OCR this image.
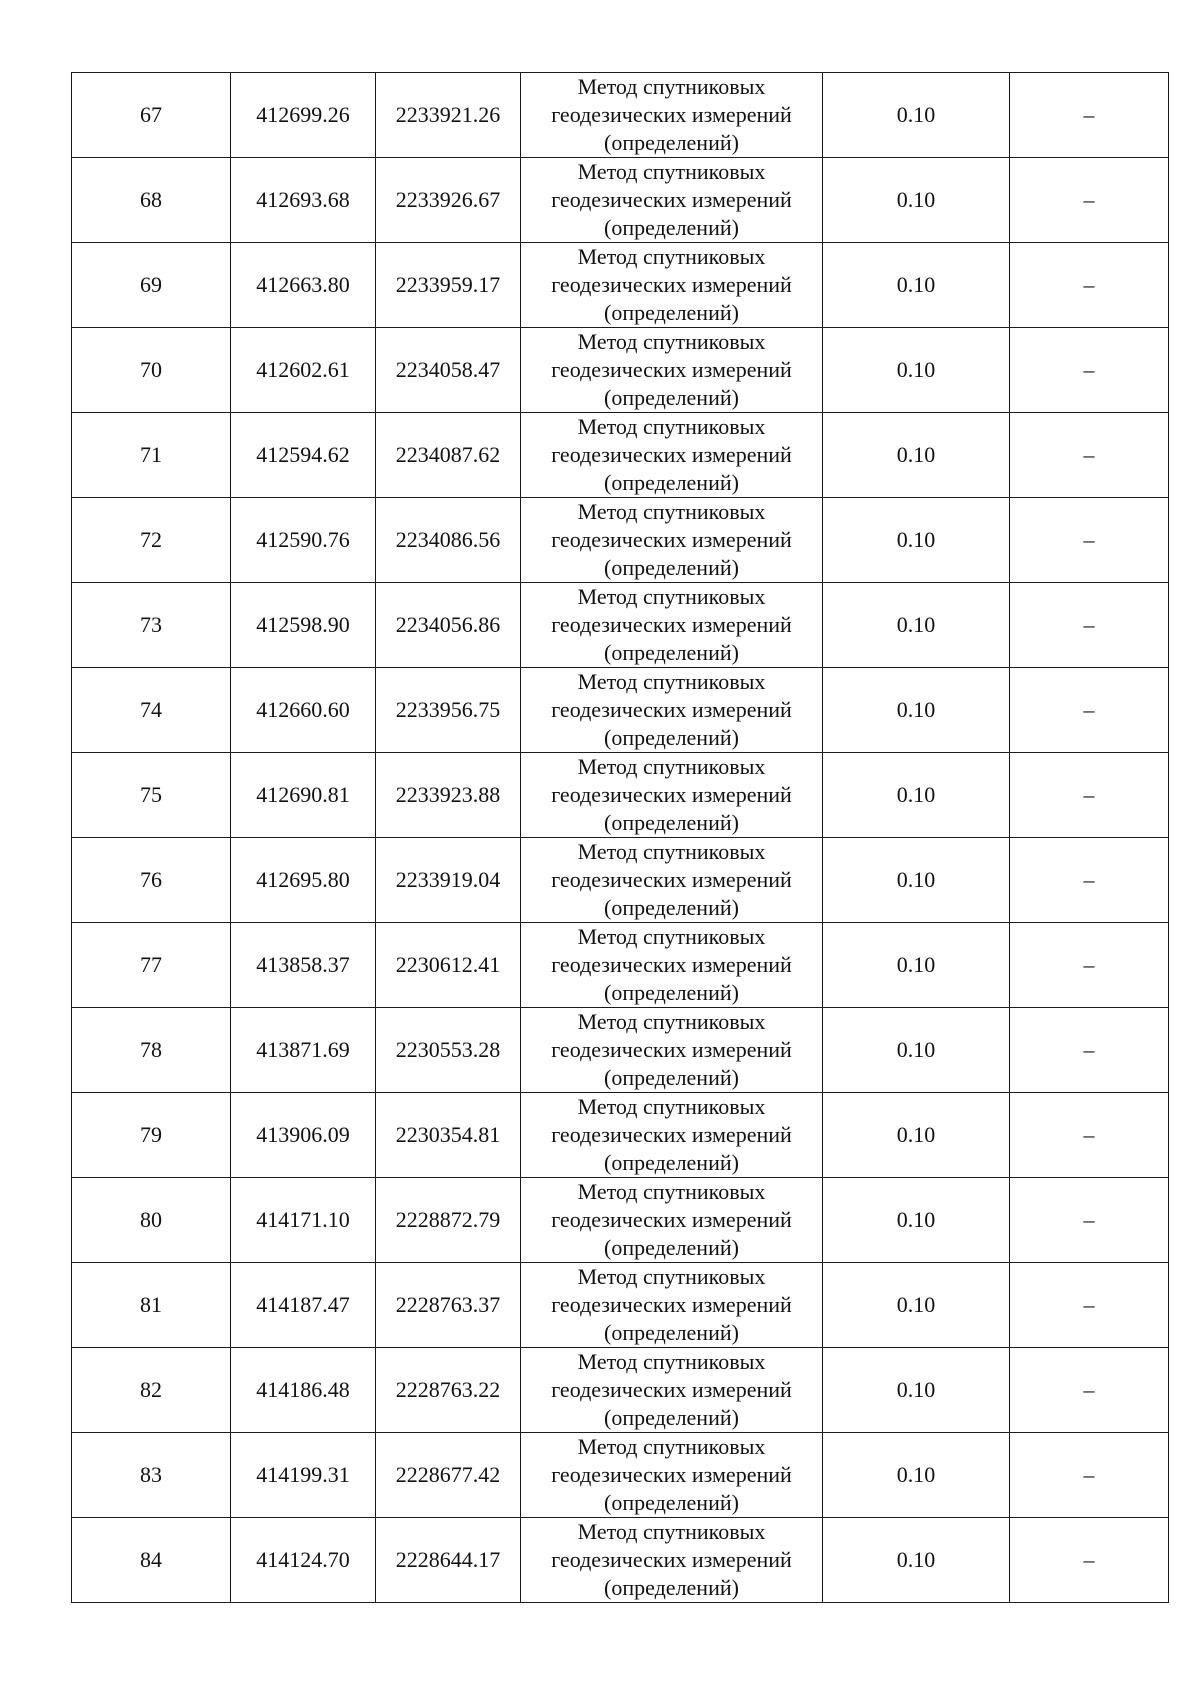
67	412699.26	2233921.26	Метод спутниковых
геодезических измерений
(определений)	0.10	–
68	412693.68	2233926.67	Метод спутниковых
геодезических измерений
(определений)	0.10	–
69	412663.80	2233959.17	Метод спутниковых
геодезических измерений
(определений)	0.10	–
70	412602.61	2234058.47	Метод спутниковых
геодезических измерений
(определений)	0.10	–
71	412594.62	2234087.62	Метод спутниковых
геодезических измерений
(определений)	0.10	–
72	412590.76	2234086.56	Метод спутниковых
геодезических измерений
(определений)	0.10	–
73	412598.90	2234056.86	Метод спутниковых
геодезических измерений
(определений)	0.10	–
74	412660.60	2233956.75	Метод спутниковых
геодезических измерений
(определений)	0.10	–
75	412690.81	2233923.88	Метод спутниковых
геодезических измерений
(определений)	0.10	–
76	412695.80	2233919.04	Метод спутниковых
геодезических измерений
(определений)	0.10	–
77	413858.37	2230612.41	Метод спутниковых
геодезических измерений
(определений)	0.10	–
78	413871.69	2230553.28	Метод спутниковых
геодезических измерений
(определений)	0.10	–
79	413906.09	2230354.81	Метод спутниковых
геодезических измерений
(определений)	0.10	–
80	414171.10	2228872.79	Метод спутниковых
геодезических измерений
(определений)	0.10	–
81	414187.47	2228763.37	Метод спутниковых
геодезических измерений
(определений)	0.10	–
82	414186.48	2228763.22	Метод спутниковых
геодезических измерений
(определений)	0.10	–
83	414199.31	2228677.42	Метод спутниковых
геодезических измерений
(определений)	0.10	–
84	414124.70	2228644.17	Метод спутниковых
геодезических измерений
(определений)	0.10	–
